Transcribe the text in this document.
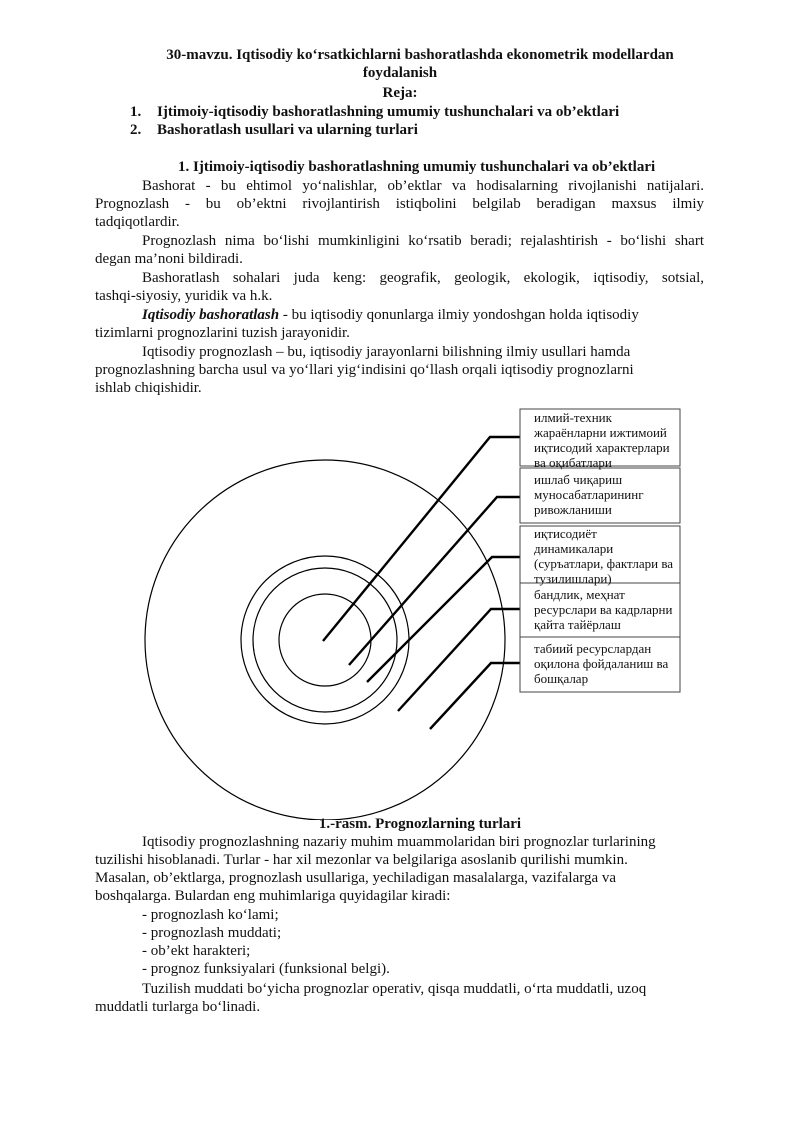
30-mavzu. Iqtisodiy ko‘rsatkichlarni bashoratlashda ekonometrik modellardan
foydalanish
Reja:
1. Ijtimoiy-iqtisodiy bashoratlashning umumiy tushunchalari va ob’ektlari
2. Bashoratlash usullari va ularning turlari
1. Ijtimoiy-iqtisodiy bashoratlashning umumiy tushunchalari va ob’ektlari
Bashorat - bu ehtimol yo‘nalishlar, ob’ektlar va hodisalarning rivojlanishi natijalari.
Prognozlash - bu ob’ektni rivojlantirish istiqbolini belgilab beradigan maxsus ilmiy
tadqiqotlardir.
Prognozlash nima bo‘lishi mumkinligini ko‘rsatib beradi; rejalashtirish - bo‘lishi shart
degan ma’noni bildiradi.
Bashoratlash sohalari juda keng: geografik, geologik, ekologik, iqtisodiy, sotsial,
tashqi-siyosiy, yuridik va h.k.
Iqtisodiy bashoratlash - bu iqtisodiy qonunlarga ilmiy yondoshgan holda iqtisodiy
tizimlarni prognozlarini tuzish jarayonidir.
Iqtisodiy prognozlash – bu, iqtisodiy jarayonlarni bilishning ilmiy usullari hamda
prognozlashning barcha usul va yo‘llari yig‘indisini qo‘llash orqali iqtisodiy prognozlarni
ishlab chiqishidir.
илмий-техник
жараёнларни ижтимоий
иқтисодий характерлари
ва оқибатлари
ишлаб чиқариш
муносабатларининг
ривожланиши
иқтисодиёт
динамикалари
(суръатлари, фактлари ва
тузилишлари)
бандлик, меҳнат
ресурслари ва кадрларни
қайта тайёрлаш
табиий ресурслардан
оқилона фойдаланиш ва
бошқалар
1.-rasm. Prognozlarning turlari
Iqtisodiy prognozlashning nazariy muhim muammolaridan biri prognozlar turlarining
tuzilishi hisoblanadi. Turlar - har xil mezonlar va belgilariga asoslanib qurilishi mumkin.
Masalan, ob’ektlarga, prognozlash usullariga, yechiladigan masalalarga, vazifalarga va
boshqalarga. Bulardan eng muhimlariga quyidagilar kiradi:
- prognozlash ko‘lami;
- prognozlash muddati;
- ob’ekt harakteri;
- prognoz funksiyalari (funksional belgi).
Tuzilish muddati bo‘yicha prognozlar operativ, qisqa muddatli, o‘rta muddatli, uzoq
muddatli turlarga bo‘linadi.
